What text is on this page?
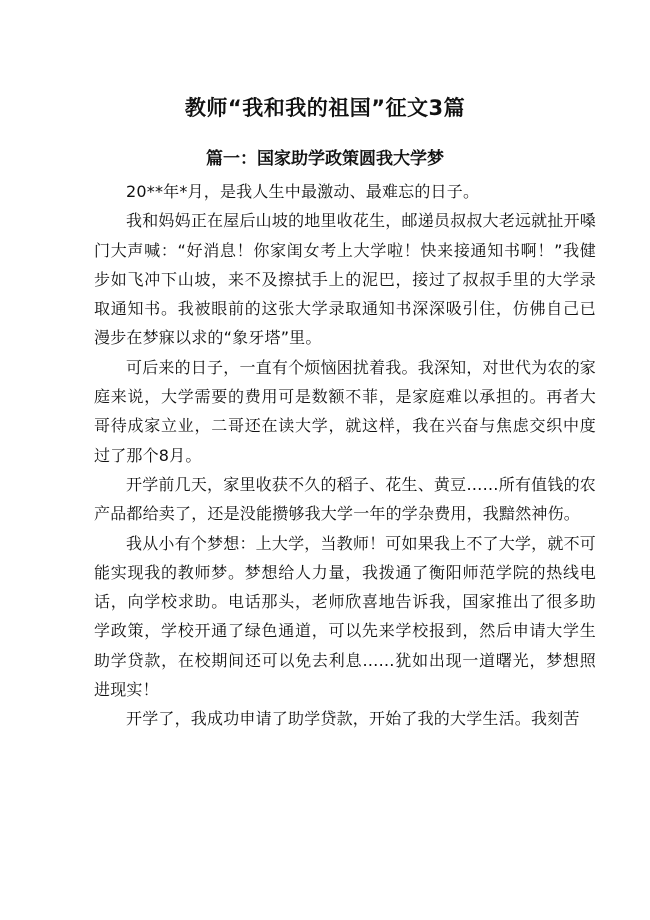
教师“我和我的祖国”征文3篇
篇一：国家助学政策圆我大学梦

20**年*月，是我人生中最激动、最难忘的日子。

我和妈妈正在屋后山坡的地里收花生，邮递员叔叔大老远就扯开嗓门大声喊：“好消息！你家闺女考上大学啦！快来接通知书啊！”我健步如飞冲下山坡，来不及擦拭手上的泥巴，接过了叔叔手里的大学录取通知书。我被眼前的这张大学录取通知书深深吸引住，仿佛自己已漫步在梦寐以求的“象牙塔”里。

可后来的日子，一直有个烦恼困扰着我。我深知，对世代为农的家庭来说，大学需要的费用可是数额不菲，是家庭难以承担的。再者大哥待成家立业，二哥还在读大学，就这样，我在兴奋与焦虑交织中度过了那个8月。

开学前几天，家里收获不久的稻子、花生、黄豆……所有值钱的农产品都给卖了，还是没能攒够我大学一年的学杂费用，我黯然神伤。

我从小有个梦想：上大学，当教师！可如果我上不了大学，就不可能实现我的教师梦。梦想给人力量，我拨通了衡阳师范学院的热线电话，向学校求助。电话那头，老师欣喜地告诉我，国家推出了很多助学政策，学校开通了绿色通道，可以先来学校报到，然后申请大学生助学贷款，在校期间还可以免去利息……犹如出现一道曙光，梦想照进现实！

开学了，我成功申请了助学贷款，开始了我的大学生活。我刻苦
